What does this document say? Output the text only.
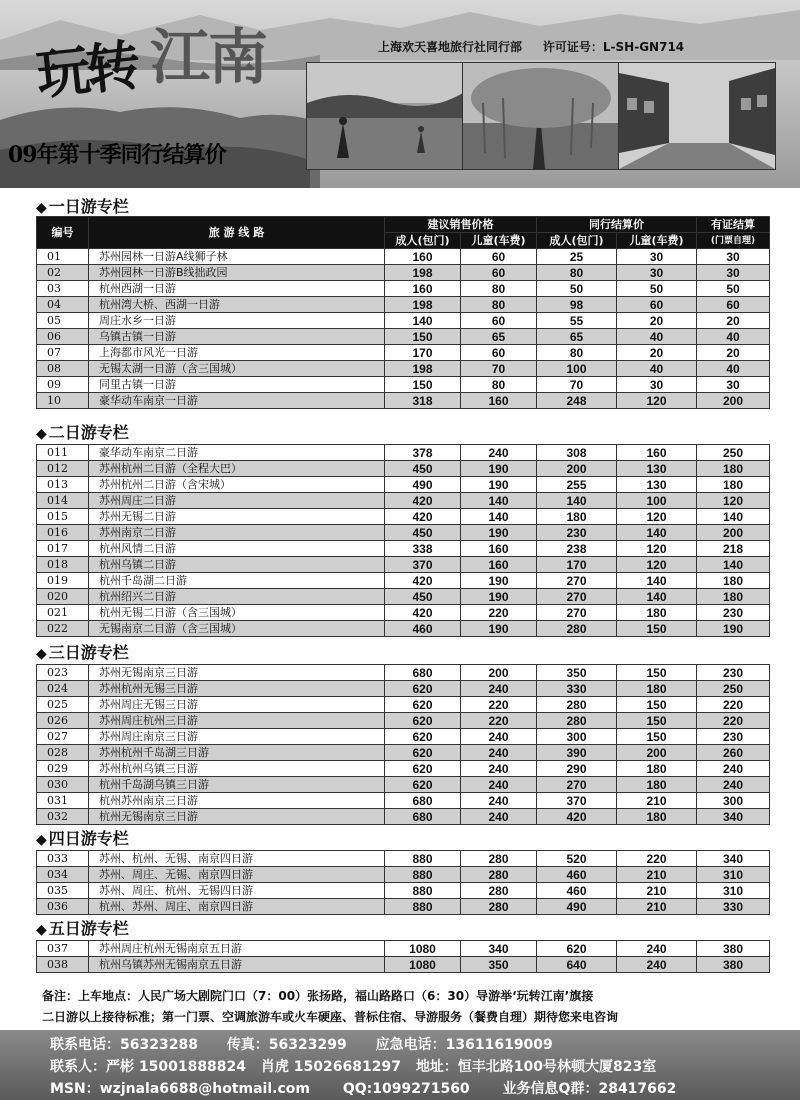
玩转 江南	上海欢天喜地旅行社同行部 许可证号：L-SH-GN714
09年第十季同行结算价
◆ 一日游专栏
编号	旅 游 线 路	建议销售价格		同行结算价		有证结算
		成人(包门)	儿童(车费)	成人(包门)	儿童(车费)	(门票自理)
01	苏州园林一日游A线狮子林	160	60	25	30	30
02	苏州园林一日游B线拙政园	198	60	80	30	30
03	杭州西湖一日游	160	80	50	50	50
04	杭州湾大桥、西湖一日游	198	80	98	60	60
05	周庄水乡一日游	140	60	55	20	20
06	乌镇古镇一日游	150	65	65	40	40
07	上海都市风光一日游	170	60	80	20	20
08	无锡太湖一日游（含三国城）	198	70	100	40	40
09	同里古镇一日游	150	80	70	30	30
10	豪华动车南京一日游	318	160	248	120	200
◆ 二日游专栏
011	豪华动车南京二日游	378	240	308	160	250
012	苏州杭州二日游（全程大巴）	450	190	200	130	180
013	苏州杭州二日游（含宋城）	490	190	255	130	180
014	苏州周庄二日游	420	140	140	100	120
015	苏州无锡二日游	420	140	180	120	140
016	苏州南京二日游	450	190	230	140	200
017	杭州风情二日游	338	160	238	120	218
018	杭州乌镇二日游	370	160	170	120	140
019	杭州千岛湖二日游	420	190	270	140	180
020	杭州绍兴二日游	450	190	270	140	180
021	杭州无锡二日游（含三国城）	420	220	270	180	230
022	无锡南京二日游（含三国城）	460	190	280	150	190
◆ 三日游专栏
023	苏州无锡南京三日游	680	200	350	150	230
024	苏州杭州无锡三日游	620	240	330	180	250
025	苏州周庄无锡三日游	620	220	280	150	220
026	苏州周庄杭州三日游	620	220	280	150	220
027	苏州周庄南京三日游	620	240	300	150	230
028	苏州杭州千岛湖三日游	620	240	390	200	260
029	苏州杭州乌镇三日游	620	240	290	180	240
030	杭州千岛湖乌镇三日游	620	240	270	180	240
031	杭州苏州南京三日游	680	240	370	210	300
032	杭州无锡南京三日游	680	240	420	180	340
◆ 四日游专栏
033	苏州、杭州、无锡、南京四日游	880	280	520	220	340
034	苏州、周庄、无锡、南京四日游	880	280	460	210	310
035	苏州、周庄、杭州、无锡四日游	880	280	460	210	310
036	杭州、苏州、周庄、南京四日游	880	280	490	210	330
◆ 五日游专栏
037	苏州周庄杭州无锡南京五日游	1080	340	620	240	380
038	杭州乌镇苏州无锡南京五日游	1080	350	640	240	380
备注：上车地点：人民广场大剧院门口（7：00）张扬路，福山路路口（6：30）导游举‘玩转江南’旗接
二日游以上接待标准；第一门票、空调旅游车或火车硬座、普标住宿、导游服务（餐费自理）期待您来电咨询
联系电话：56323288 传真：56323299 应急电话：13611619009
联系人：严彬 15001888824 肖虎 15026681297 地址：恒丰北路100号林顿大厦823室
MSN：wzjnala6688@hotmail.com QQ:1099271560 业务信息Q群：28417662
